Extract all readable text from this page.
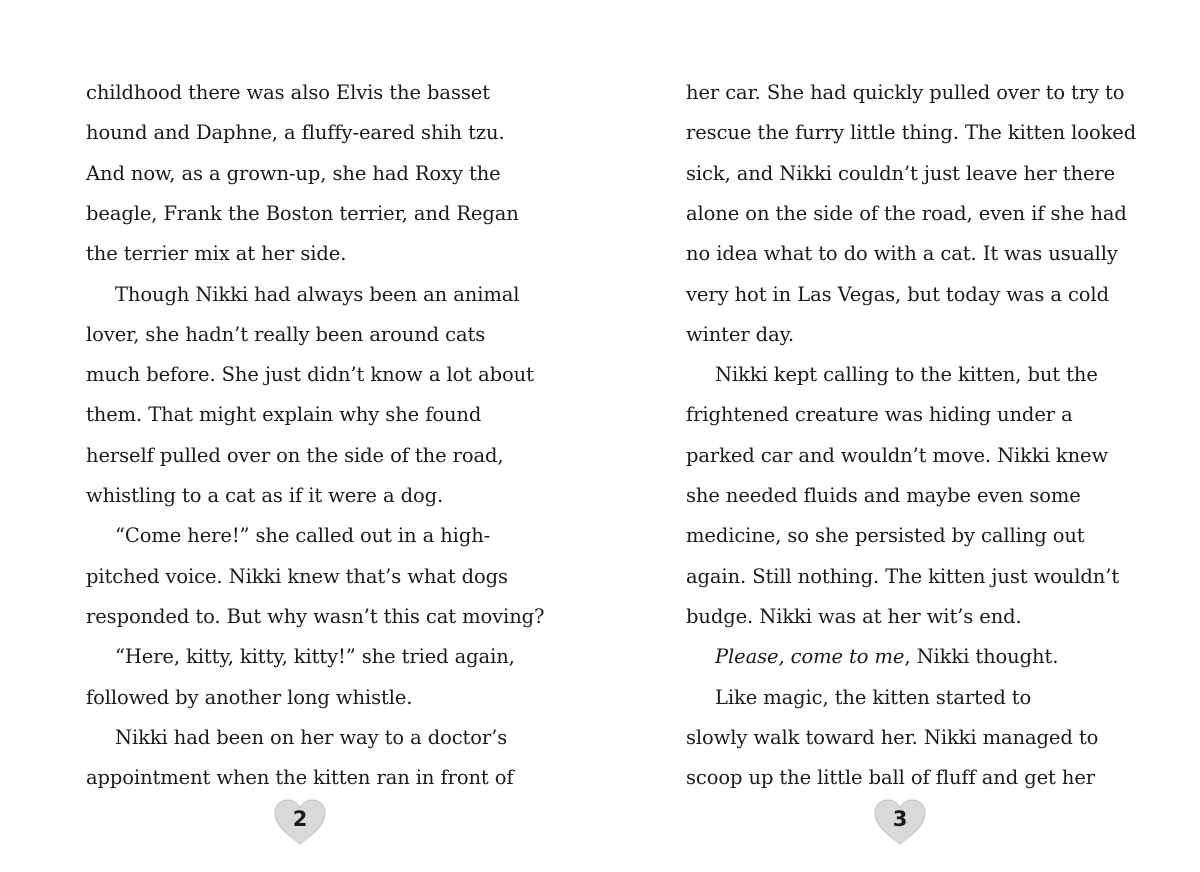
childhood there was also Elvis the basset
hound and Daphne, a fluffy-eared shih tzu.
And now, as a grown-up, she had Roxy the
beagle, Frank the Boston terrier, and Regan
the terrier mix at her side.
Though Nikki had always been an animal
lover, she hadn’t really been around cats
much before. She just didn’t know a lot about
them. That might explain why she found
herself pulled over on the side of the road,
whistling to a cat as if it were a dog.
“Come here!” she called out in a high-
pitched voice. Nikki knew that’s what dogs
responded to. But why wasn’t this cat moving?
“Here, kitty, kitty, kitty!” she tried again,
followed by another long whistle.
Nikki had been on her way to a doctor’s
appointment when the kitten ran in front of
her car. She had quickly pulled over to try to
rescue the furry little thing. The kitten looked
sick, and Nikki couldn’t just leave her there
alone on the side of the road, even if she had
no idea what to do with a cat. It was usually
very hot in Las Vegas, but today was a cold
winter day.
Nikki kept calling to the kitten, but the
frightened creature was hiding under a
parked car and wouldn’t move. Nikki knew
she needed fluids and maybe even some
medicine, so she persisted by calling out
again. Still nothing. The kitten just wouldn’t
budge. Nikki was at her wit’s end.
Please, come to me, Nikki thought.
Like magic, the kitten started to
slowly walk toward her. Nikki managed to
scoop up the little ball of fluff and get her
2	3
